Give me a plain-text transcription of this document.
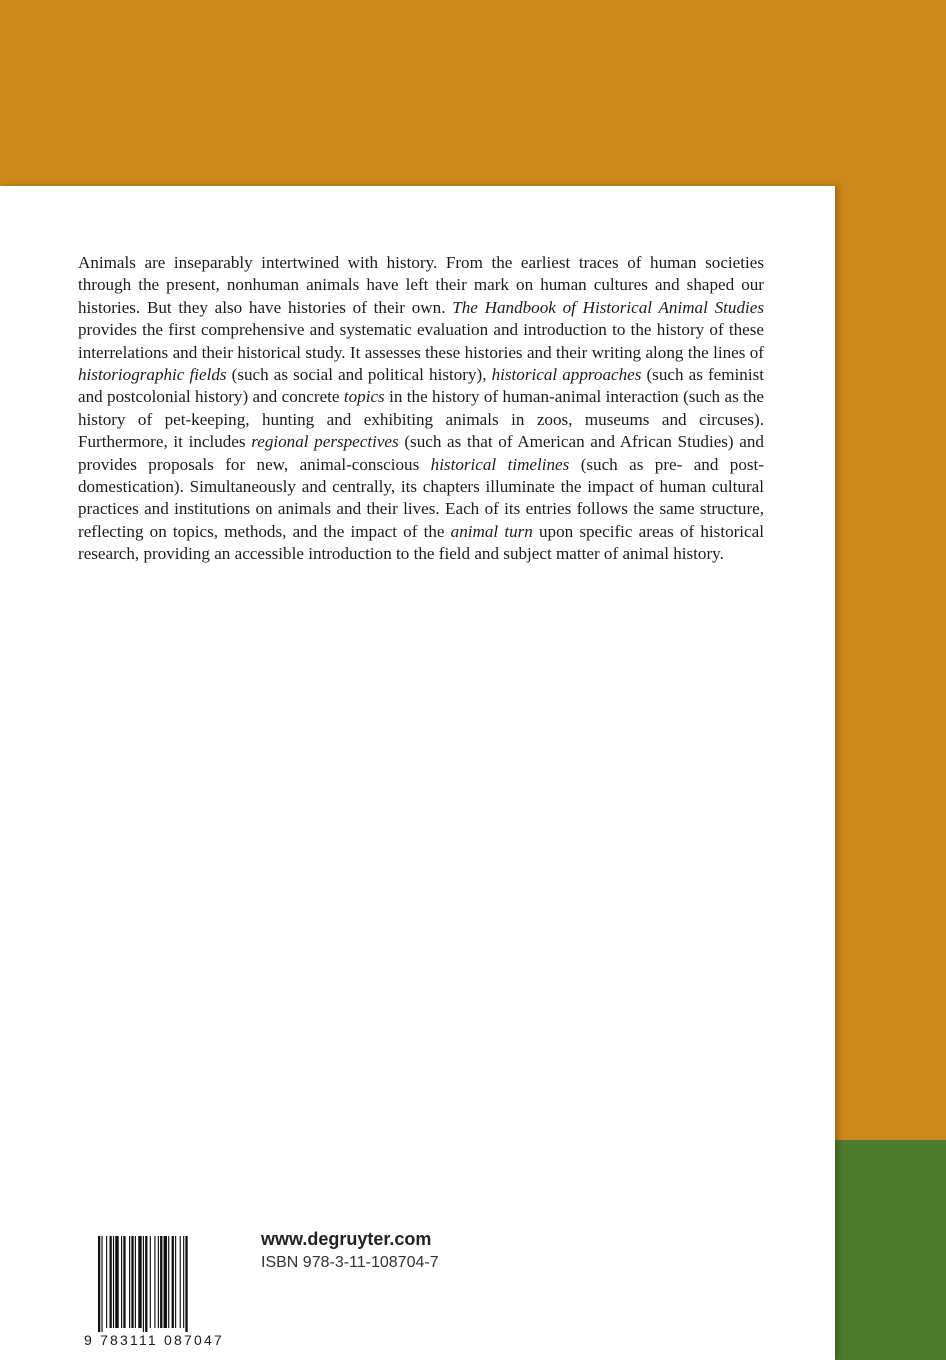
Animals are inseparably intertwined with history. From the earliest traces of human societies through the present, nonhuman animals have left their mark on human cultures and shaped our histories. But they also have histories of their own. The Handbook of Historical Animal Studies provides the first comprehensive and systematic evaluation and introduction to the history of these interrelations and their historical study. It assesses these histories and their writing along the lines of historiographic fields (such as social and political history), historical approaches (such as feminist and postcolonial history) and concrete topics in the history of human-animal interaction (such as the history of pet-keeping, hunting and exhibiting animals in zoos, museums and circuses). Furthermore, it includes regional perspectives (such as that of American and African Studies) and provides proposals for new, animal-conscious historical timelines (such as pre- and post-domestication). Simultaneously and centrally, its chapters illuminate the impact of human cultural practices and institutions on animals and their lives. Each of its entries follows the same structure, reflecting on topics, methods, and the impact of the animal turn upon specific areas of historical research, providing an accessible introduction to the field and subject matter of animal history.

9 783111 087047
www.degruyter.com
ISBN 978-3-11-108704-7
